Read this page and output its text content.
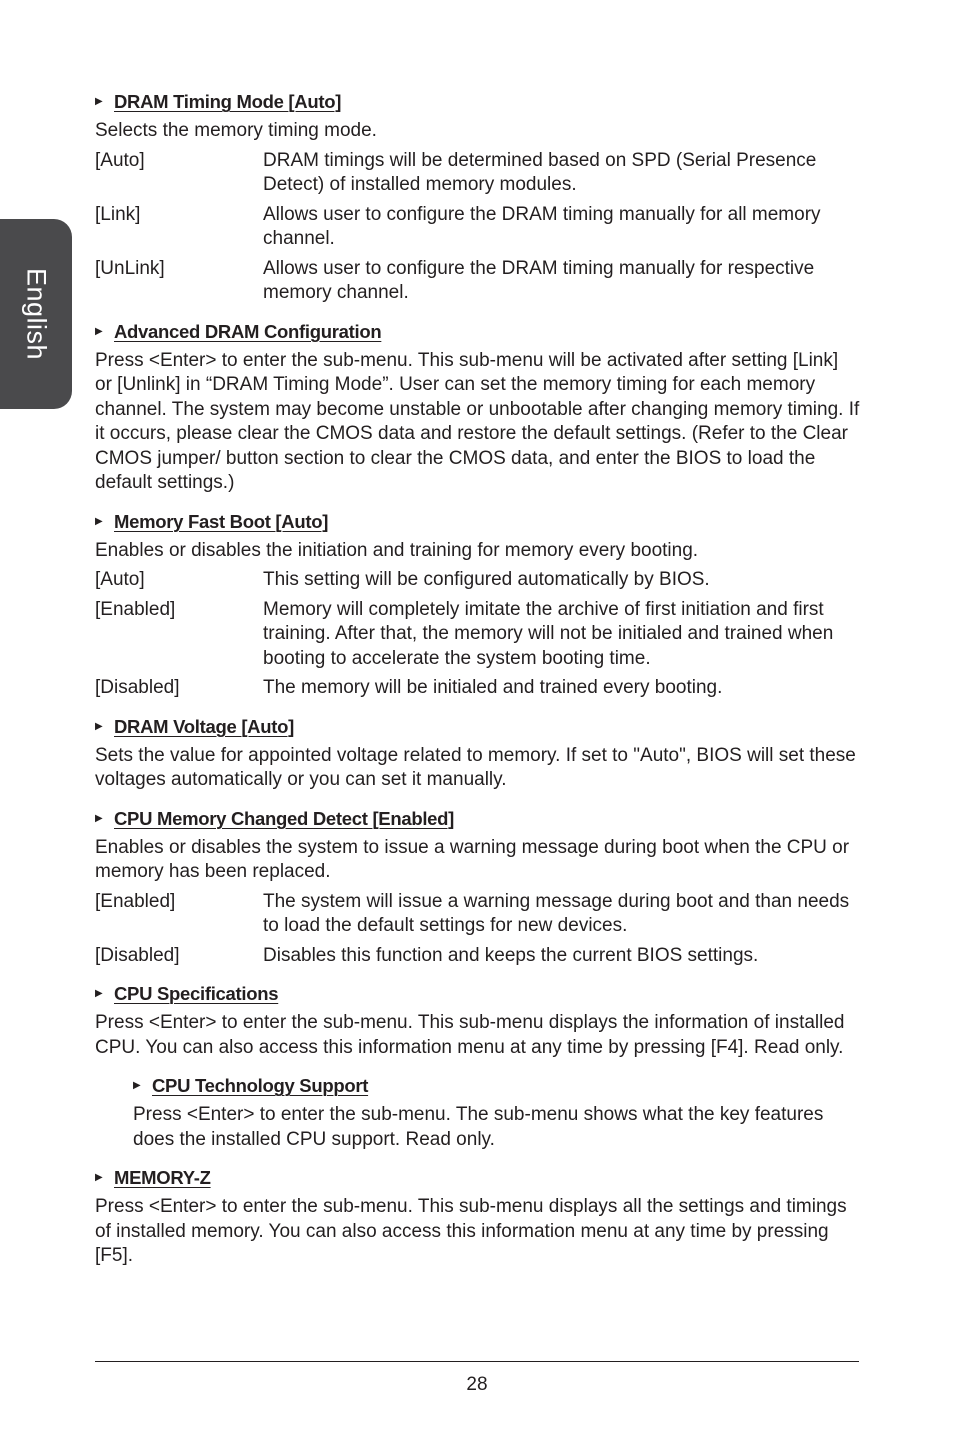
English
▶ DRAM Timing Mode [Auto]
Selects the memory timing mode.
[Auto]	DRAM timings will be determined based on SPD (Serial Presence Detect) of installed memory modules.
[Link]	Allows user to configure the DRAM timing manually for all memory channel.
[UnLink]	Allows user to configure the DRAM timing manually for respective memory channel.
▶ Advanced DRAM Configuration
Press <Enter> to enter the sub-menu. This sub-menu will be activated after setting [Link] or [Unlink] in “DRAM Timing Mode”. User can set the memory timing for each memory channel. The system may become unstable or unbootable after changing memory timing. If it occurs, please clear the CMOS data and restore the default settings. (Refer to the Clear CMOS jumper/ button section to clear the CMOS data, and enter the BIOS to load the default settings.)
▶ Memory Fast Boot [Auto]
Enables or disables the initiation and training for memory every booting.
[Auto]	This setting will be configured automatically by BIOS.
[Enabled]	Memory will completely imitate the archive of first initiation and first training. After that, the memory will not be initialed and trained when booting to accelerate the system booting time.
[Disabled]	The memory will be initialed and trained every booting.
▶ DRAM Voltage [Auto]
Sets the value for appointed voltage related to memory. If set to "Auto", BIOS will set these voltages automatically or you can set it manually.
▶ CPU Memory Changed Detect [Enabled]
Enables or disables the system to issue a warning message during boot when the CPU or memory has been replaced.
[Enabled]	The system will issue a warning message during boot and than needs to load the default settings for new devices.
[Disabled]	Disables this function and keeps the current BIOS settings.
▶ CPU Specifications
Press <Enter> to enter the sub-menu. This sub-menu displays the information of installed CPU. You can also access this information menu at any time by pressing [F4]. Read only.
▶ CPU Technology Support
Press <Enter> to enter the sub-menu. The sub-menu shows what the key features does the installed CPU support. Read only.
▶ MEMORY-Z
Press <Enter> to enter the sub-menu. This sub-menu displays all the settings and timings of installed memory. You can also access this information menu at any time by pressing [F5].
28
